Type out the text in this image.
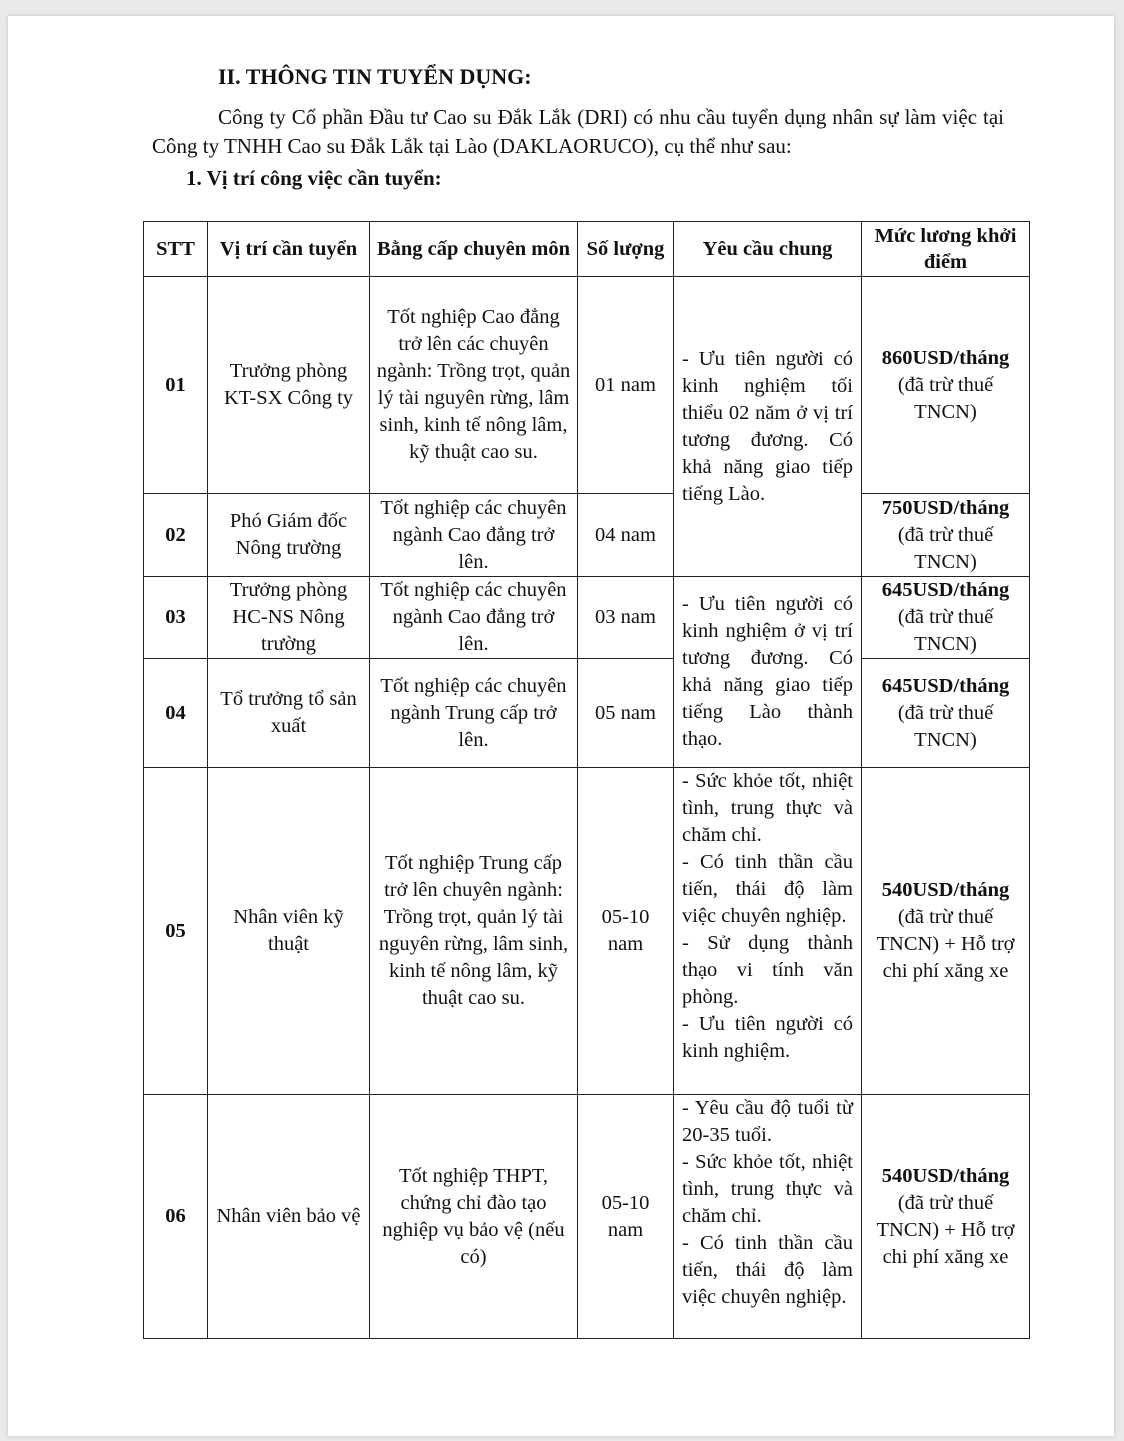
II. THÔNG TIN TUYỂN DỤNG:

Công ty Cổ phần Đầu tư Cao su Đắk Lắk (DRI) có nhu cầu tuyển dụng nhân sự làm việc tại Công ty TNHH Cao su Đắk Lắk tại Lào (DAKLAORUCO), cụ thể như sau:

1. Vị trí công việc cần tuyển:
STT	Vị trí cần tuyển	Bằng cấp chuyên môn	Số lượng	Yêu cầu chung	Mức lương khởi điểm
01	Trưởng phòng KT-SX Công ty	Tốt nghiệp Cao đẳng trở lên các chuyên ngành: Trồng trọt, quản lý tài nguyên rừng, lâm sinh, kinh tế nông lâm, kỹ thuật cao su.	01 nam	- Ưu tiên người có kinh nghiệm tối thiểu 02 năm ở vị trí tương đương. Có khả năng giao tiếp tiếng Lào.	860USD/tháng
(đã trừ thuế TNCN)

02	Phó Giám đốc Nông trường	Tốt nghiệp các chuyên ngành Cao đẳng trở lên.	04 nam		750USD/tháng
(đã trừ thuế TNCN)

03	Trưởng phòng HC-NS Nông trường	Tốt nghiệp các chuyên ngành Cao đẳng trở lên.	03 nam	- Ưu tiên người có kinh nghiệm ở vị trí tương đương. Có khả năng giao tiếp tiếng Lào thành thạo.	645USD/tháng
(đã trừ thuế TNCN)

04	Tổ trưởng tổ sản xuất	Tốt nghiệp các chuyên ngành Trung cấp trở lên.	05 nam		645USD/tháng
(đã trừ thuế TNCN)

05	Nhân viên kỹ thuật	Tốt nghiệp Trung cấp trở lên chuyên ngành: Trồng trọt, quản lý tài nguyên rừng, lâm sinh, kinh tế nông lâm, kỹ thuật cao su.	05-10 nam	- Sức khỏe tốt, nhiệt tình, trung thực và chăm chỉ.
- Có tinh thần cầu tiến, thái độ làm việc chuyên nghiệp.
- Sử dụng thành thạo vi tính văn phòng.
- Ưu tiên người có kinh nghiệm.	540USD/tháng
(đã trừ thuế TNCN) + Hỗ trợ chi phí xăng xe

06	Nhân viên bảo vệ	Tốt nghiệp THPT, chứng chỉ đào tạo nghiệp vụ bảo vệ (nếu có)	05-10 nam	- Yêu cầu độ tuổi từ 20-35 tuổi.
- Sức khỏe tốt, nhiệt tình, trung thực và chăm chỉ.
- Có tinh thần cầu tiến, thái độ làm việc chuyên nghiệp.	540USD/tháng
(đã trừ thuế TNCN) + Hỗ trợ chi phí xăng xe
